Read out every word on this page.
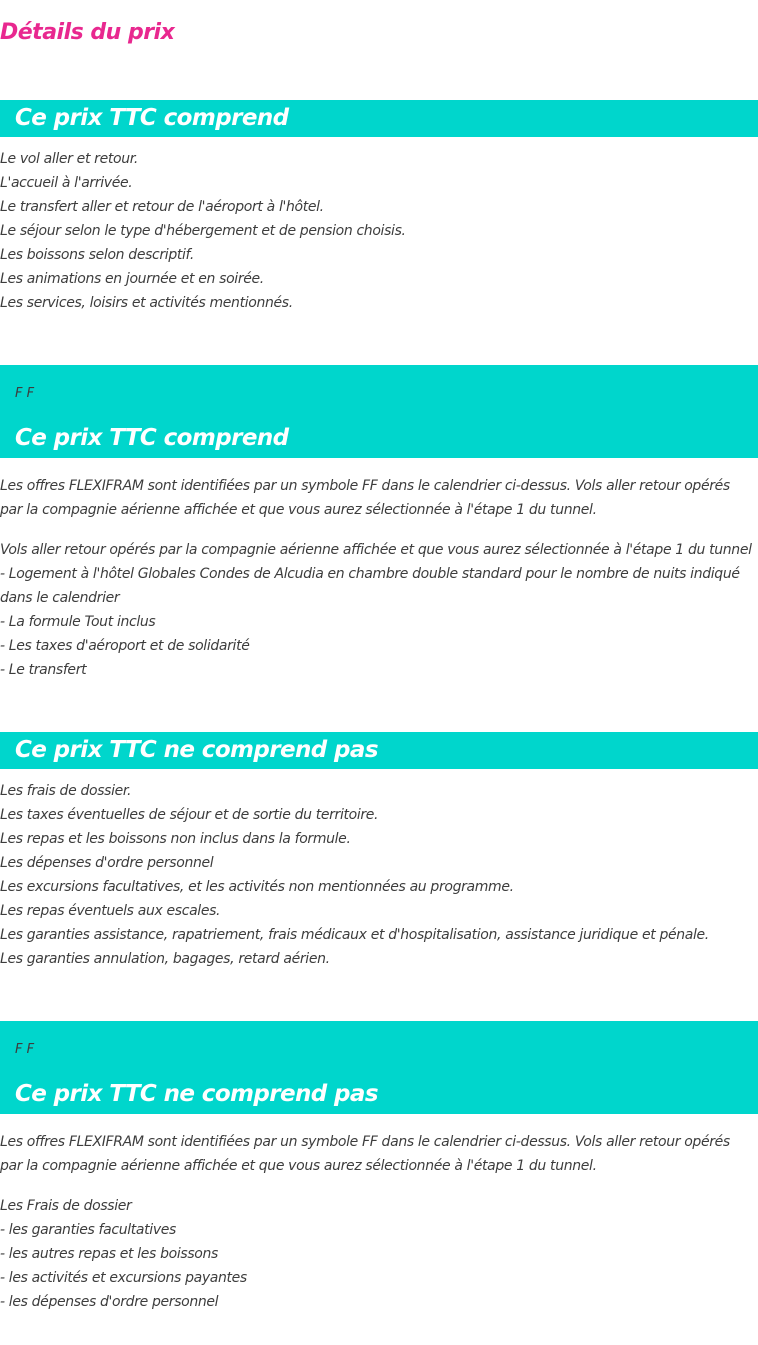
Détails du prix
Ce prix TTC comprend
Le vol aller et retour.
L'accueil à l'arrivée.
Le transfert aller et retour de l'aéroport à l'hôtel.
Le séjour selon le type d'hébergement et de pension choisis.
Les boissons selon descriptif.
Les animations en journée et en soirée.
Les services, loisirs et activités mentionnés.
F F
Ce prix TTC comprend
Les offres FLEXIFRAM sont identifiées par un symbole FF dans le calendrier ci-dessus. Vols aller retour opérés par la compagnie aérienne affichée et que vous aurez sélectionnée à l'étape 1 du tunnel.
Vols aller retour opérés par la compagnie aérienne affichée et que vous aurez sélectionnée à l'étape 1 du tunnel
- Logement à l'hôtel Globales Condes de Alcudia en chambre double standard pour le nombre de nuits indiqué dans le calendrier
- La formule Tout inclus
- Les taxes d'aéroport et de solidarité
- Le transfert
Ce prix TTC ne comprend pas
Les frais de dossier.
Les taxes éventuelles de séjour et de sortie du territoire.
Les repas et les boissons non inclus dans la formule.
Les dépenses d'ordre personnel
Les excursions facultatives, et les activités non mentionnées au programme.
Les repas éventuels aux escales.
Les garanties assistance, rapatriement, frais médicaux et d'hospitalisation, assistance juridique et pénale.
Les garanties annulation, bagages, retard aérien.
F F
Ce prix TTC ne comprend pas
Les offres FLEXIFRAM sont identifiées par un symbole FF dans le calendrier ci-dessus. Vols aller retour opérés par la compagnie aérienne affichée et que vous aurez sélectionnée à l'étape 1 du tunnel.
Les Frais de dossier
- les garanties facultatives
- les autres repas et les boissons
- les activités et excursions payantes
- les dépenses d'ordre personnel
